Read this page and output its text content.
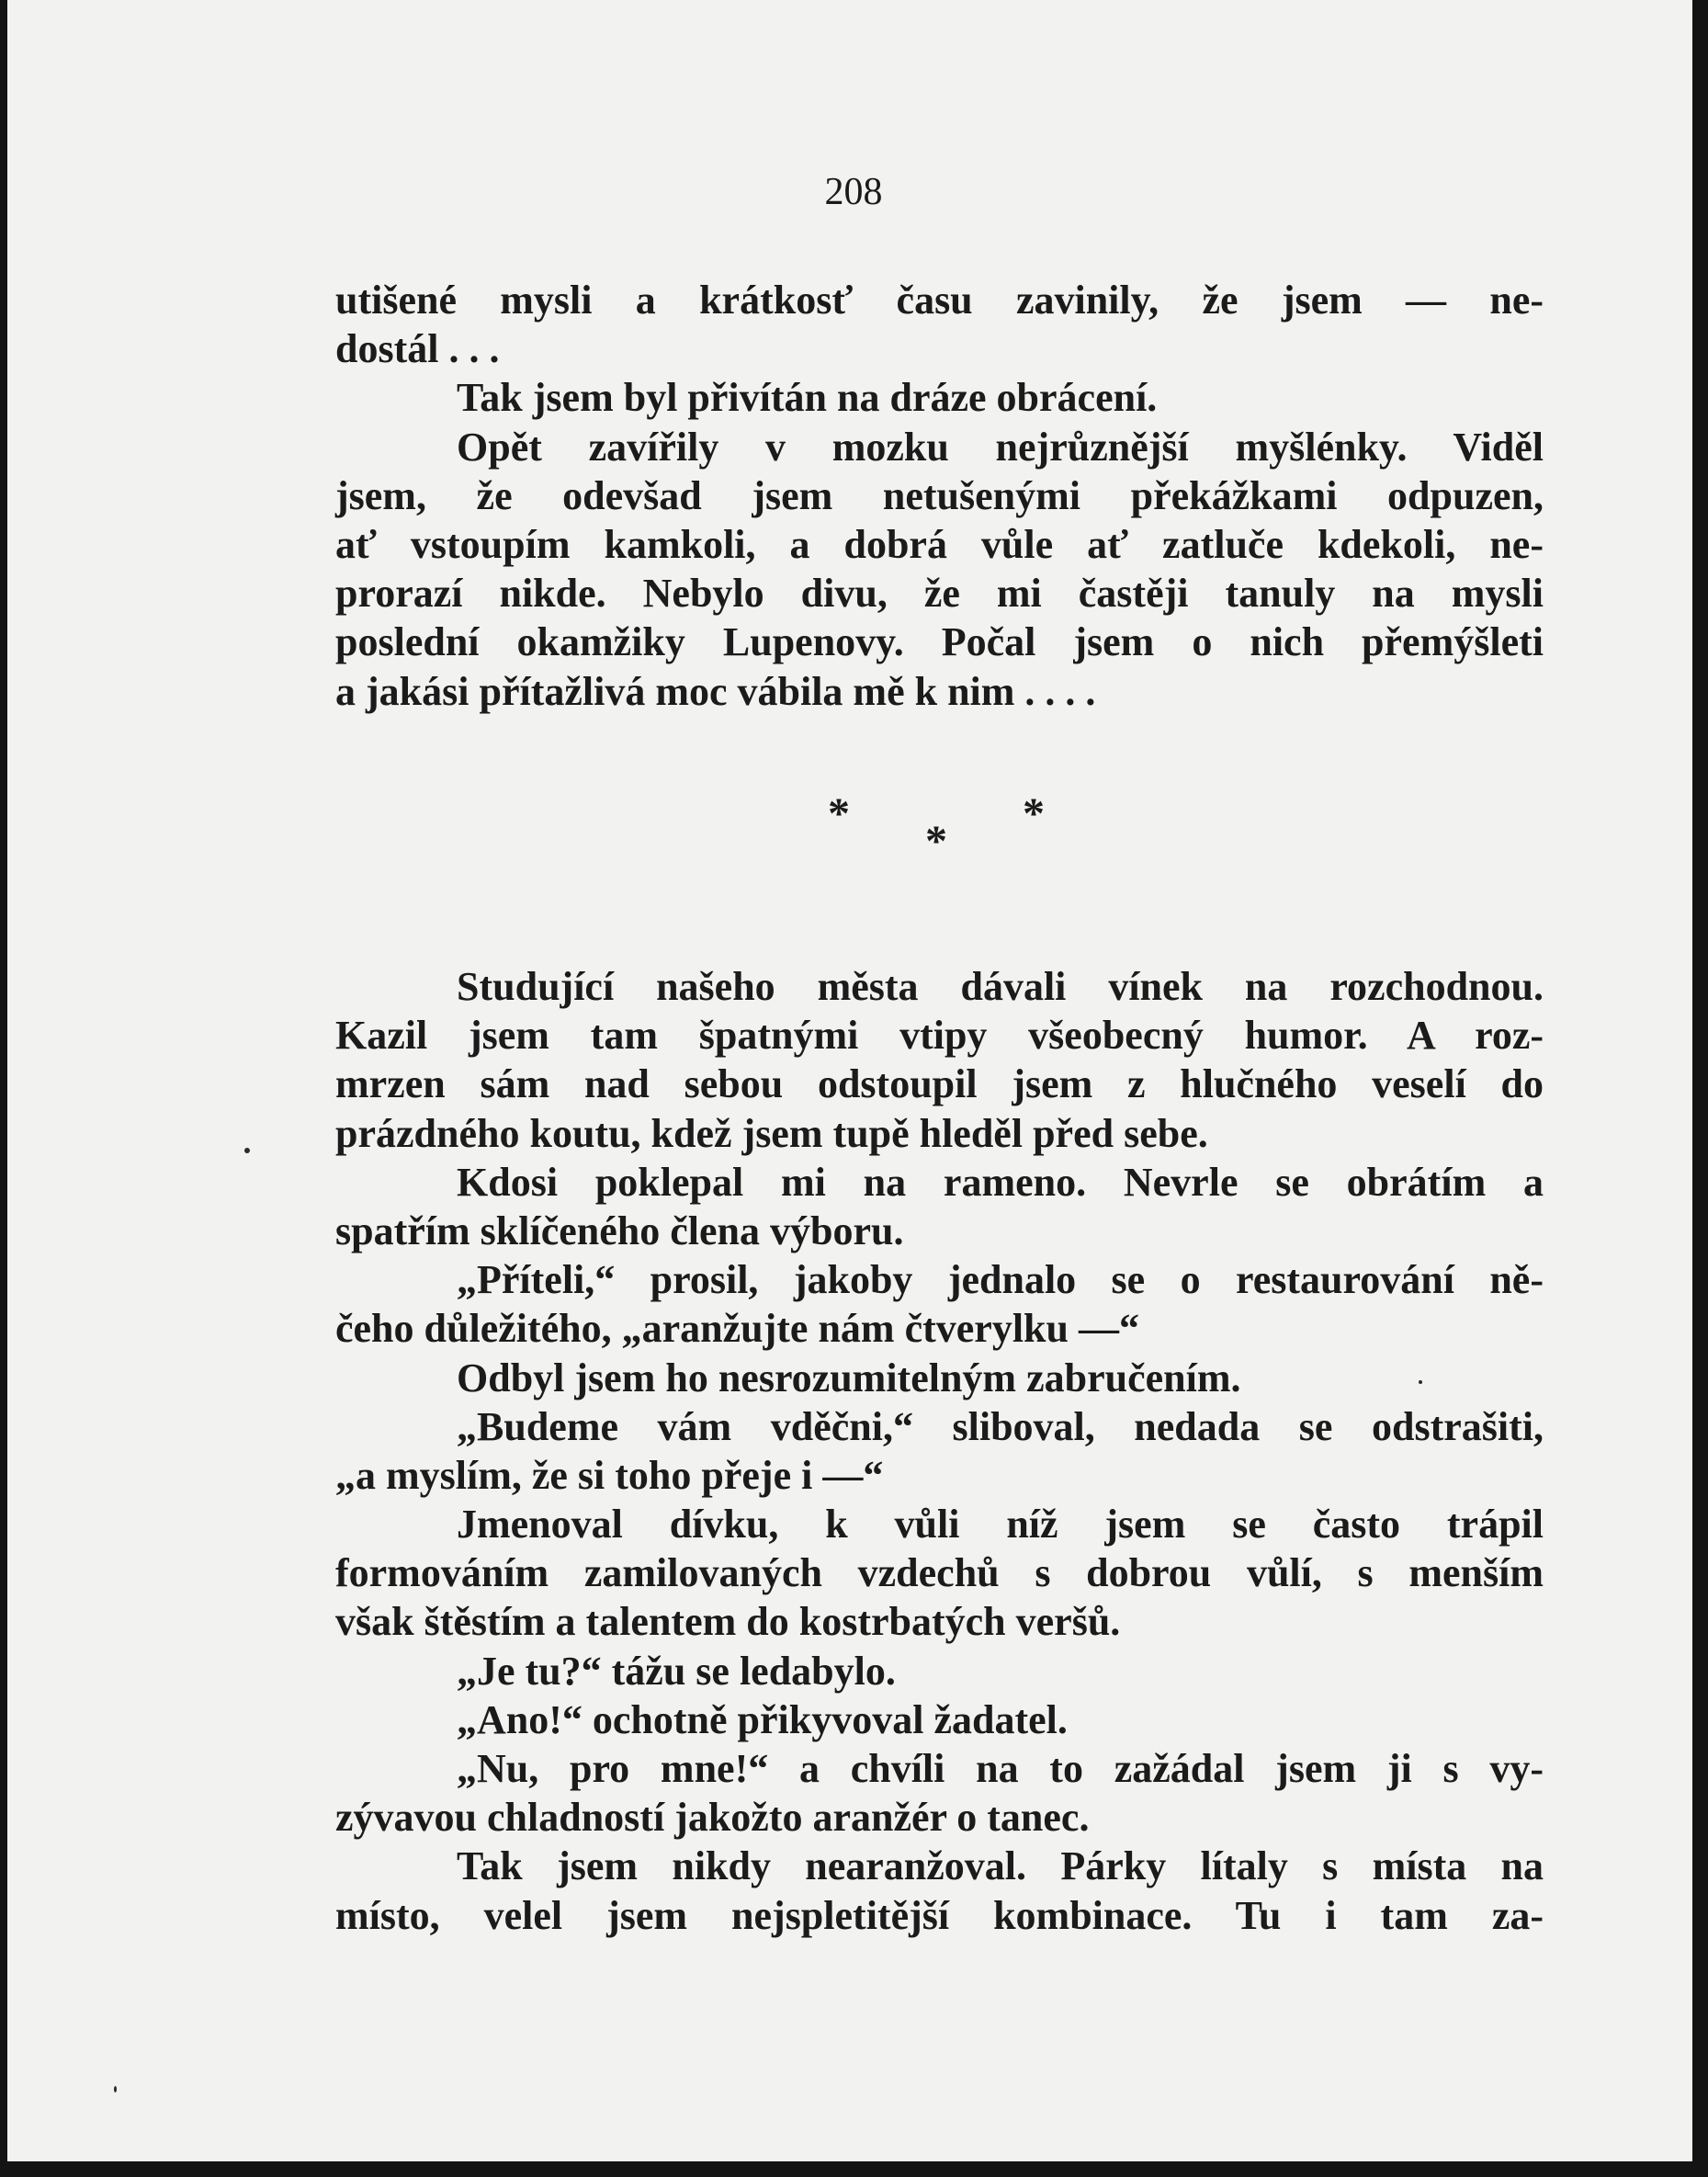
208
utišené mysli a krátkosť času zavinily, že jsem — ne-
dostál . . .
Tak jsem byl přivítán na dráze obrácení.
Opět zavířily v mozku nejrůznější myšlénky. Viděl
jsem, že odevšad jsem netušenými překážkami odpuzen,
ať vstoupím kamkoli, a dobrá vůle ať zatluče kdekoli, ne-
prorazí nikde. Nebylo divu, že mi častěji tanuly na mysli
poslední okamžiky Lupenovy. Počal jsem o nich přemýšleti
a jakási přítažlivá moc vábila mě k nim . . . .
*	*
*
Studující našeho města dávali vínek na rozchodnou.
Kazil jsem tam špatnými vtipy všeobecný humor. A roz-
mrzen sám nad sebou odstoupil jsem z hlučného veselí do
prázdného koutu, kdež jsem tupě hleděl před sebe.
Kdosi poklepal mi na rameno. Nevrle se obrátím a
spatřím sklíčeného člena výboru.
„Příteli,“ prosil, jakoby jednalo se o restaurování ně-
čeho důležitého, „aranžujte nám čtverylku —“
Odbyl jsem ho nesrozumitelným zabručením.
„Budeme vám vděčni,“ sliboval, nedada se odstrašiti,
„a myslím, že si toho přeje i —“
Jmenoval dívku, k vůli níž jsem se často trápil
formováním zamilovaných vzdechů s dobrou vůlí, s menším
však štěstím a talentem do kostrbatých veršů.
„Je tu?“ tážu se ledabylo.
„Ano!“ ochotně přikyvoval žadatel.
„Nu, pro mne!“ a chvíli na to zažádal jsem ji s vy-
zývavou chladností jakožto aranžér o tanec.
Tak jsem nikdy nearanžoval. Párky lítaly s místa na
místo, velel jsem nejspletitější kombinace. Tu i tam za-
